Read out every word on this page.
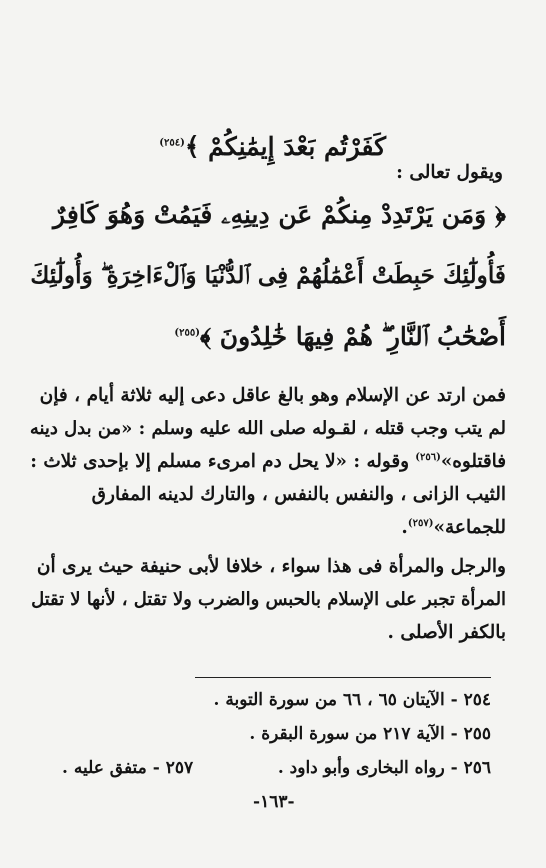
كَفَرْتُم بَعْدَ إِيمَٰنِكُمْ ﴾$^{(٢٥٤)}$
ويقول تعالى :
﴿ وَمَن يَرْتَدِدْ مِنكُمْ عَن دِينِهِۦ فَيَمُتْ وَهُوَ كَافِرٌ
فَأُولَٰٓئِكَ حَبِطَتْ أَعْمَٰلُهُمْ فِى ٱلدُّنْيَا وَٱلْءَاخِرَةِ ۖ وَأُولَٰٓئِكَ
أَصْحَٰبُ ٱلنَّارِ ۖ هُمْ فِيهَا خَٰلِدُونَ ﴾$^{(٢٥٥)}$
فمن ارتد عن الإسلام وهو بالغ عاقل دعى إليه ثلاثة أيام ، فإن
لم يتب وجب قتله ، لقـوله صلى الله عليه وسلم : «من بدل دينه
فاقتلوه»$^{(٢٥٦)}$ وقوله : «لا يحل دم امرىء مسلم إلا بإحدى ثلاث :
الثيب الزانى ، والنفس بالنفس ، والتارك لدينه المفارق
للجماعة»$^{(٢٥٧)}$.
والرجل والمرأة فى هذا سواء ، خلافا لأبى حنيفة حيث يرى أن
المرأة تجبر على الإسلام بالحبس والضرب ولا تقتل ، لأنها لا تقتل
بالكفر الأصلى .
٢٥٤ - الآيتان ٦٥ ، ٦٦ من سورة التوبة .
٢٥٥ - الآية ٢١٧ من سورة البقرة .
٢٥٦ - رواه البخارى وأبو داود .
٢٥٧ - متفق عليه .
-١٦٣-
